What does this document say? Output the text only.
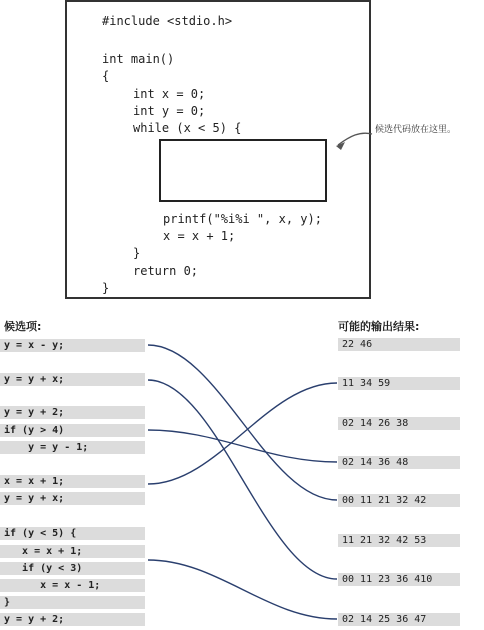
#include <stdio.h>
int main()
{
int x = 0;
int y = 0;
while (x < 5) {
printf("%i%i ", x, y);
x = x + 1;
}
return 0;
}
候选代码放在这里。
候选项:	可能的输出结果:
y = x - y;
y = y + x;
y = y + 2;
if (y > 4)
y = y - 1;
x = x + 1;
y = y + x;
if (y < 5) {
x = x + 1;
if (y < 3)
x = x - 1;
}
y = y + 2;
22 46
11 34 59
02 14 26 38
02 14 36 48
00 11 21 32 42
11 21 32 42 53
00 11 23 36 410
02 14 25 36 47
